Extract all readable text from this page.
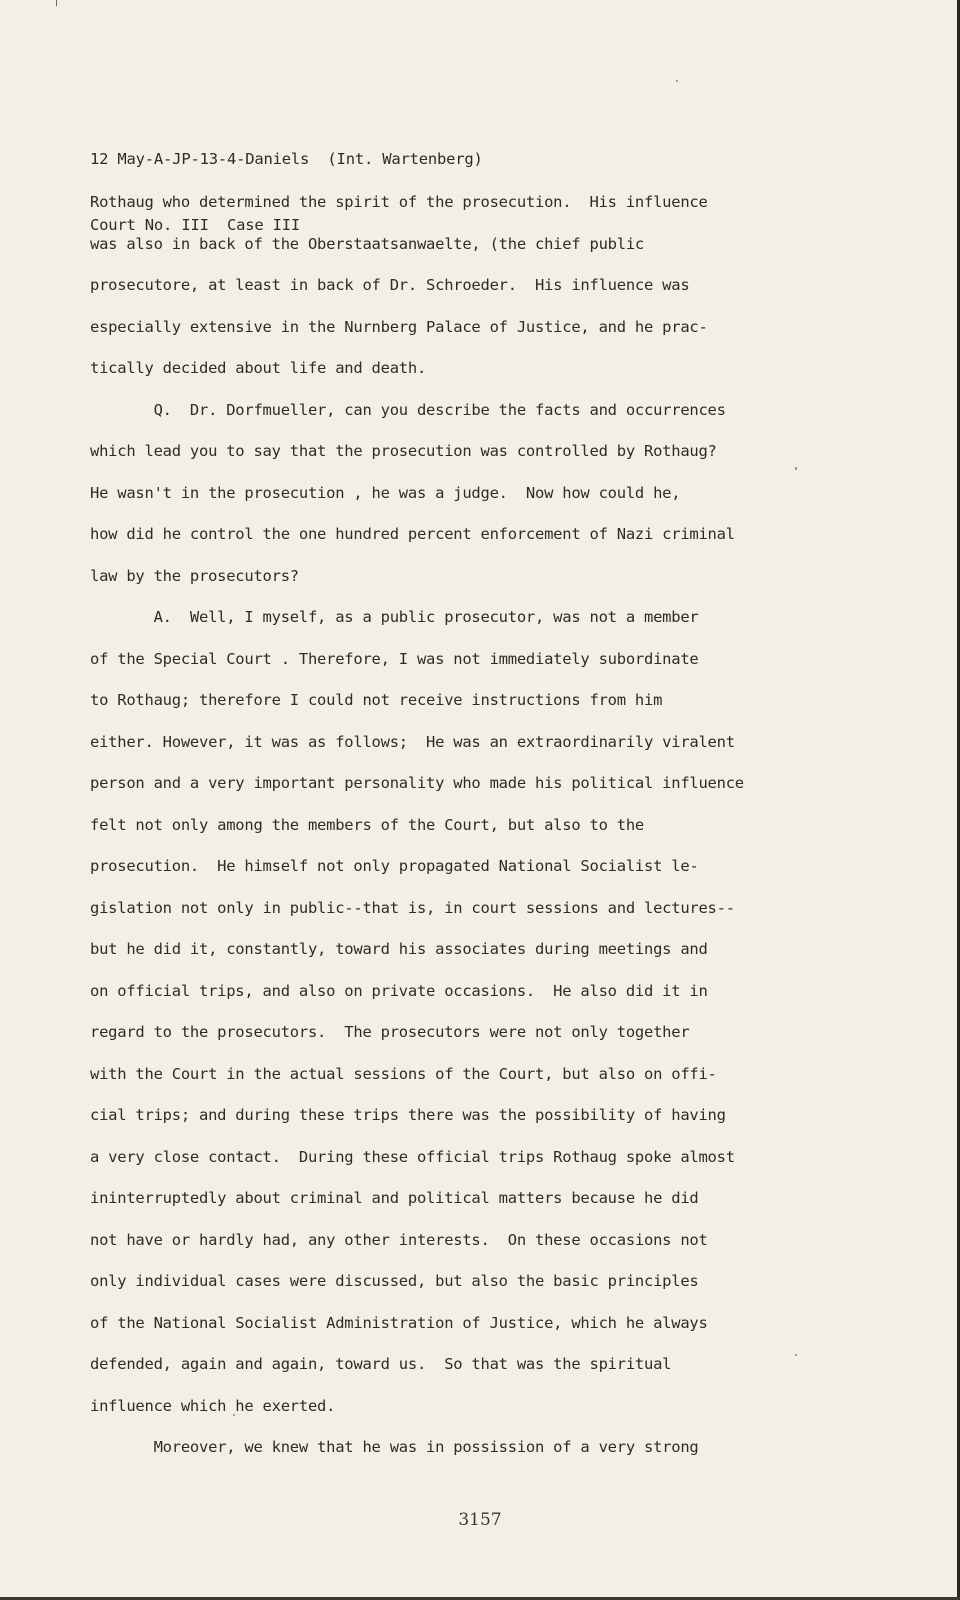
12 May-A-JP-13-4-Daniels  (Int. Wartenberg)

Court No. III  Case III

Rothaug who determined the spirit of the prosecution.  His influence
was also in back of the Oberstaatsanwaelte, (the chief public
prosecutore, at least in back of Dr. Schroeder.  His influence was
especially extensive in the Nurnberg Palace of Justice, and he prac-
tically decided about life and death.
Q.  Dr. Dorfmueller, can you describe the facts and occurrences
which lead you to say that the prosecution was controlled by Rothaug?
He wasn't in the prosecution , he was a judge.  Now how could he,
how did he control the one hundred percent enforcement of Nazi criminal
law by the prosecutors?
A.  Well, I myself, as a public prosecutor, was not a member
of the Special Court . Therefore, I was not immediately subordinate
to Rothaug; therefore I could not receive instructions from him
either. However, it was as follows;  He was an extraordinarily viralent
person and a very important personality who made his political influence
felt not only among the members of the Court, but also to the
prosecution.  He himself not only propagated National Socialist le-
gislation not only in public--that is, in court sessions and lectures--
but he did it, constantly, toward his associates during meetings and
on official trips, and also on private occasions.  He also did it in
regard to the prosecutors.  The prosecutors were not only together
with the Court in the actual sessions of the Court, but also on offi-
cial trips; and during these trips there was the possibility of having
a very close contact.  During these official trips Rothaug spoke almost
ininterruptedly about criminal and political matters because he did
not have or hardly had, any other interests.  On these occasions not
only individual cases were discussed, but also the basic principles
of the National Socialist Administration of Justice, which he always
defended, again and again, toward us.  So that was the spiritual
influence which he exerted.
Moreover, we knew that he was in possission of a very strong
3157
